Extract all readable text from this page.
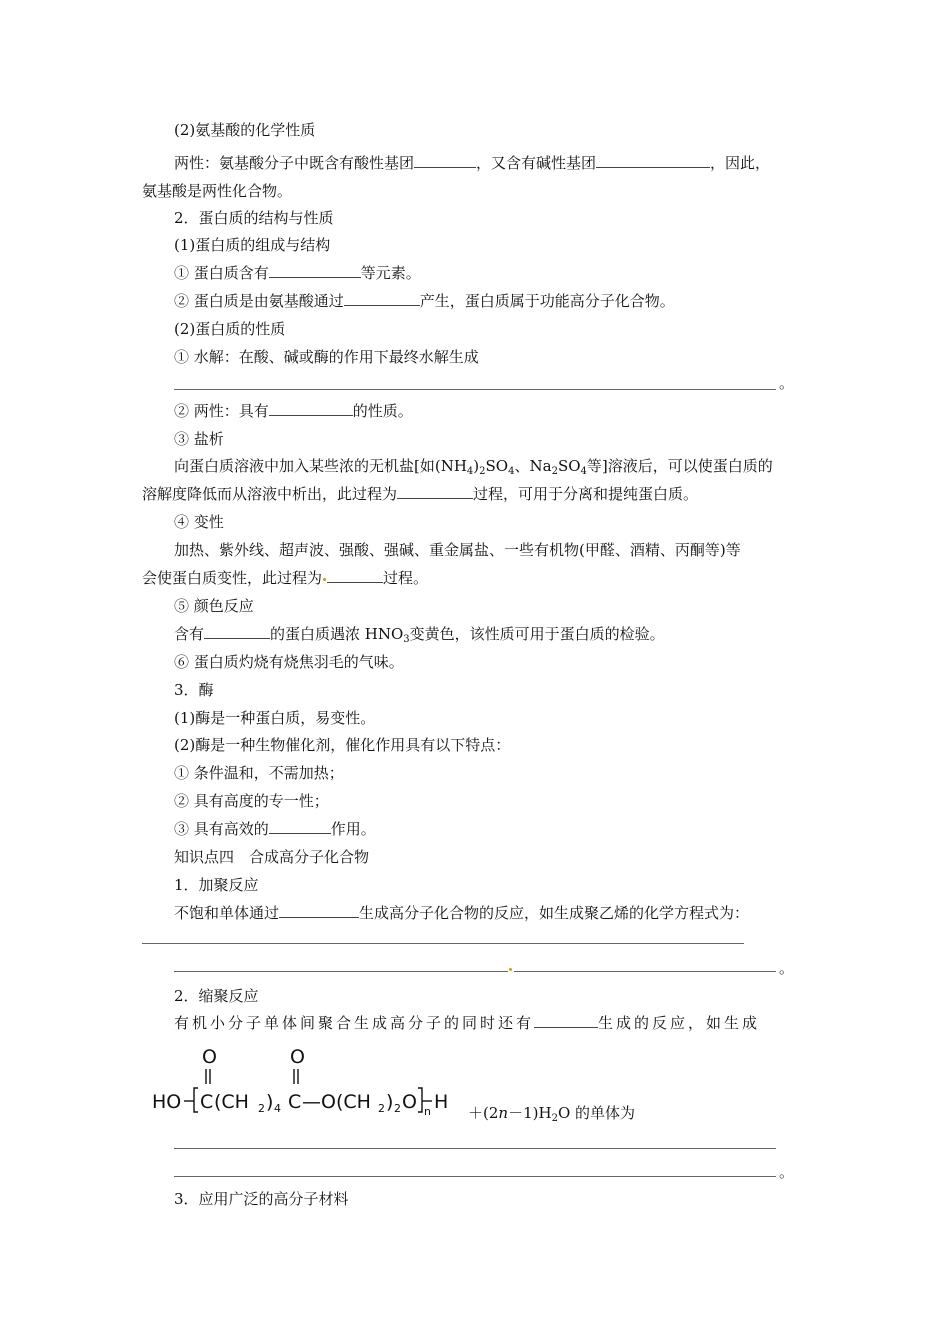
(2)氨基酸的化学性质
两性：氨基酸分子中既含有酸性基团	，又含有碱性基团	，因此，
氨基酸是两性化合物。
2．蛋白质的结构与性质
(1)蛋白质的组成与结构
① 蛋白质含有	等元素。
② 蛋白质是由氨基酸通过	产生，蛋白质属于功能高分子化合物。
(2)蛋白质的性质
① 水解：在酸、碱或酶的作用下最终水解生成
。
② 两性：具有	的性质。
③ 盐析
向蛋白质溶液中加入某些浓的无机盐[如$(NH_4)_2SO_4$、$Na_2SO_4$等]溶液后，可以使蛋白质的
溶解度降低而从溶液中析出，此过程为	过程，可用于分离和提纯蛋白质。
④ 变性
加热、紫外线、超声波、强酸、强碱、重金属盐、一些有机物(甲醛、酒精、丙酮等)等
会使蛋白质变性，此过程为	过程。
⑤ 颜色反应
含有	的蛋白质遇浓 $HNO_3$变黄色，该性质可用于蛋白质的检验。
⑥ 蛋白质灼烧有烧焦羽毛的气味。
3．酶
(1)酶是一种蛋白质，易变性。
(2)酶是一种生物催化剂，催化作用具有以下特点：
① 条件温和，不需加热；
② 具有高度的专一性；
③ 具有高效的	作用。
知识点四　合成高分子化合物
1．加聚反应
不饱和单体通过	生成高分子化合物的反应，如生成聚乙烯的化学方程式为：
。
2．缩聚反应
有机小分子单体间聚合生成高分子的同时还有	生成的反应，如生成
O	O
HO C (CH 2 ) 4 C —O(CH 2 ) 2 O n $H +(2n-1)H_2O$ 的单体为
。
3．应用广泛的高分子材料
